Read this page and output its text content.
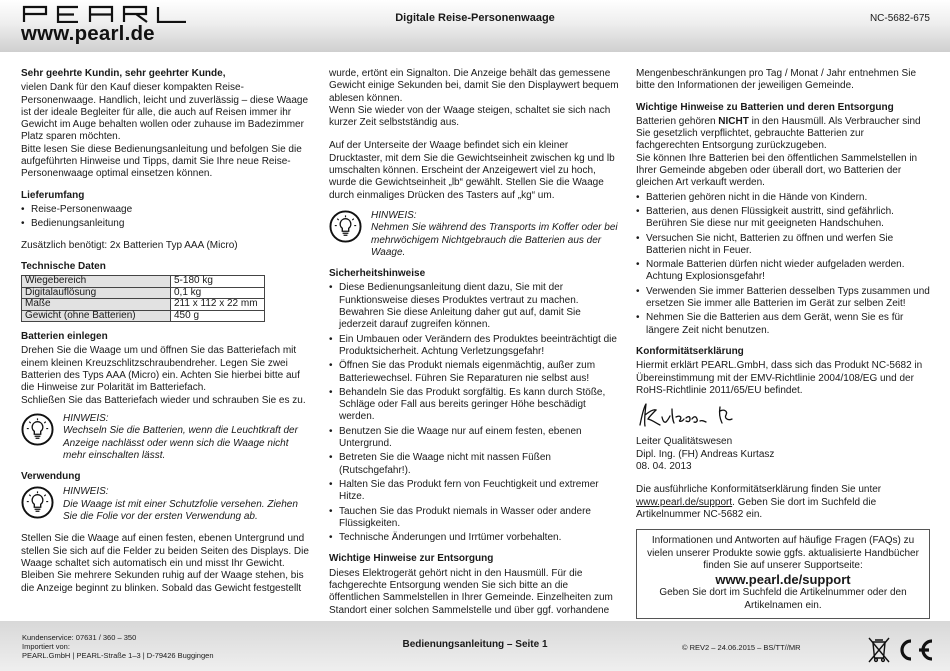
www.pearl.de
Digitale Reise-Personenwaage	NC-5682-675
Sehr geehrte Kundin, sehr geehrter Kunde,
vielen Dank für den Kauf dieser kompakten Reise-Personenwaage. Handlich, leicht und zuverlässig – diese Waage ist der ideale Begleiter für alle, die auch auf Reisen immer ihr Gewicht im Auge behalten wollen oder zuhause im Badezimmer Platz sparen möchten.
Bitte lesen Sie diese Bedienungsanleitung und befolgen Sie die aufgeführten Hinweise und Tipps, damit Sie Ihre neue Reise-Personenwaage optimal einsetzen können.
Lieferumfang
• Reise-Personenwaage
• Bedienungsanleitung
Zusätzlich benötigt: 2x Batterien Typ AAA (Micro)
Technische Daten
Wiegebereich	5-180 kg
Digitalauflösung	0,1 kg
Maße	211 x 112 x 22 mm
Gewicht (ohne Batterien)	450 g
Batterien einlegen
Drehen Sie die Waage um und öffnen Sie das Batteriefach mit einem kleinen Kreuzschlitzschraubendreher. Legen Sie zwei Batterien des Typs AAA (Micro) ein. Achten Sie hierbei bitte auf die Hinweise zur Polarität im Batteriefach.
Schließen Sie das Batteriefach wieder und schrauben Sie es zu.
HINWEIS:
Wechseln Sie die Batterien, wenn die Leuchtkraft der Anzeige nachlässt oder wenn sich die Waage nicht mehr einschalten lässt.
Verwendung
HINWEIS:
Die Waage ist mit einer Schutzfolie versehen. Ziehen Sie die Folie vor der ersten Verwendung ab.
Stellen Sie die Waage auf einen festen, ebenen Untergrund und stellen Sie sich auf die Felder zu beiden Seiten des Displays. Die Waage schaltet sich automatisch ein und misst Ihr Gewicht. Bleiben Sie mehrere Sekunden ruhig auf der Waage stehen, bis die Anzeige beginnt zu blinken. Sobald das Gewicht festgestellt
wurde, ertönt ein Signalton. Die Anzeige behält das gemessene Gewicht einige Sekunden bei, damit Sie den Displaywert bequem ablesen können.
Wenn Sie wieder von der Waage steigen, schaltet sie sich nach kurzer Zeit selbstständig aus.
Auf der Unterseite der Waage befindet sich ein kleiner Drucktaster, mit dem Sie die Gewichtseinheit zwischen kg und lb umschalten können. Erscheint der Anzeigewert viel zu hoch, wurde die Gewichtseinheit „lb“ gewählt. Stellen Sie die Waage durch einmaliges Drücken des Tasters auf „kg“ um.
HINWEIS:
Nehmen Sie während des Transports im Koffer oder bei mehrwöchigem Nichtgebrauch die Batterien aus der Waage.
Sicherheitshinweise
• Diese Bedienungsanleitung dient dazu, Sie mit der Funktionsweise dieses Produktes vertraut zu machen. Bewahren Sie diese Anleitung daher gut auf, damit Sie jederzeit darauf zugreifen können.
• Ein Umbauen oder Verändern des Produktes beeinträchtigt die Produktsicherheit. Achtung Verletzungsgefahr!
• Öffnen Sie das Produkt niemals eigenmächtig, außer zum Batteriewechsel. Führen Sie Reparaturen nie selbst aus!
• Behandeln Sie das Produkt sorgfältig. Es kann durch Stöße, Schläge oder Fall aus bereits geringer Höhe beschädigt werden.
• Benutzen Sie die Waage nur auf einem festen, ebenen Untergrund.
• Betreten Sie die Waage nicht mit nassen Füßen (Rutschgefahr!).
• Halten Sie das Produkt fern von Feuchtigkeit und extremer Hitze.
• Tauchen Sie das Produkt niemals in Wasser oder andere Flüssigkeiten.
• Technische Änderungen und Irrtümer vorbehalten.
Wichtige Hinweise zur Entsorgung
Dieses Elektrogerät gehört nicht in den Hausmüll. Für die fachgerechte Entsorgung wenden Sie sich bitte an die öffentlichen Sammelstellen in Ihrer Gemeinde. Einzelheiten zum Standort einer solchen Sammelstelle und über ggf. vorhandene
Mengenbeschränkungen pro Tag / Monat / Jahr entnehmen Sie bitte den Informationen der jeweiligen Gemeinde.
Wichtige Hinweise zu Batterien und deren Entsorgung
Batterien gehören NICHT in den Hausmüll. Als Verbraucher sind Sie gesetzlich verpflichtet, gebrauchte Batterien zur fachgerechten Entsorgung zurückzugeben.
Sie können Ihre Batterien bei den öffentlichen Sammelstellen in Ihrer Gemeinde abgeben oder überall dort, wo Batterien der gleichen Art verkauft werden.
• Batterien gehören nicht in die Hände von Kindern.
• Batterien, aus denen Flüssigkeit austritt, sind gefährlich. Berühren Sie diese nur mit geeigneten Handschuhen.
• Versuchen Sie nicht, Batterien zu öffnen und werfen Sie Batterien nicht in Feuer.
• Normale Batterien dürfen nicht wieder aufgeladen werden. Achtung Explosionsgefahr!
• Verwenden Sie immer Batterien desselben Typs zusammen und ersetzen Sie immer alle Batterien im Gerät zur selben Zeit!
• Nehmen Sie die Batterien aus dem Gerät, wenn Sie es für längere Zeit nicht benutzen.
Konformitätserklärung
Hiermit erklärt PEARL.GmbH, dass sich das Produkt NC-5682 in Übereinstimmung mit der EMV-Richtlinie 2004/108/EG und der RoHS-Richtlinie 2011/65/EU befindet.
Leiter Qualitätswesen
Dipl. Ing. (FH) Andreas Kurtasz
08. 04. 2013
Die ausführliche Konformitätserklärung finden Sie unter www.pearl.de/support. Geben Sie dort im Suchfeld die Artikelnummer NC-5682 ein.
Informationen und Antworten auf häufige Fragen (FAQs) zu vielen unserer Produkte sowie ggfs. aktualisierte Handbücher finden Sie auf unserer Supportseite:
www.pearl.de/support
Geben Sie dort im Suchfeld die Artikelnummer oder den Artikelnamen ein.
Kundenservice: 07631 / 360 – 350
Importiert von:
PEARL.GmbH | PEARL-Straße 1–3 | D-79426 Buggingen
Bedienungsanleitung – Seite 1	© REV2 – 24.06.2015 – BS/TT//MR
